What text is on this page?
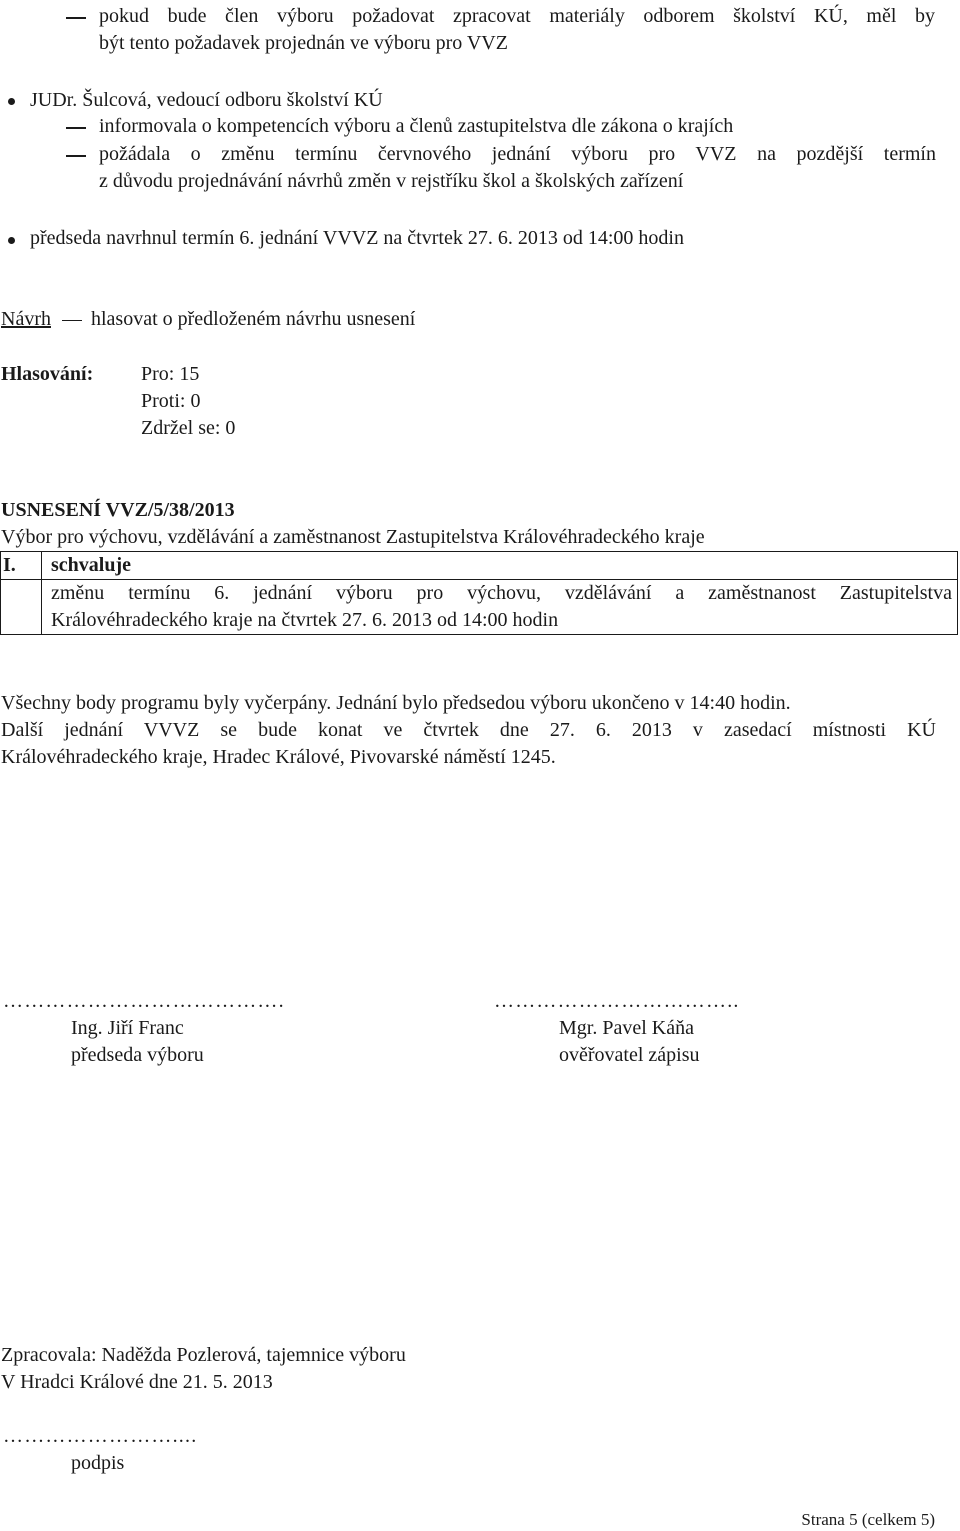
pokud bude člen výboru požadovat zpracovat materiály odborem školství KÚ, měl by
být tento požadavek projednán ve výboru pro VVZ
JUDr. Šulcová, vedoucí odboru školství KÚ
informovala o kompetencích výboru a členů zastupitelstva dle zákona o krajích
požádala o změnu termínu červnového jednání výboru pro VVZ na pozdější termín
z důvodu projednávání návrhů změn v rejstříku škol a školských zařízení
předseda navrhnul termín 6. jednání VVVZ na čtvrtek 27. 6. 2013 od 14:00 hodin
Návrh hlasovat o předloženém návrhu usnesení
Hlasování: Pro: 15
Proti: 0
Zdržel se: 0
USNESENÍ VVZ/5/38/2013
Výbor pro výchovu, vzdělávání a zaměstnanost Zastupitelstva Královéhradeckého kraje
I.	schvaluje

	změnu termínu 6. jednání výboru pro výchovu, vzdělávání a zaměstnanost Zastupitelstva
Královéhradeckého kraje na čtvrtek 27. 6. 2013 od 14:00 hodin
Všechny body programu byly vyčerpány. Jednání bylo předsedou výboru ukončeno v 14:40 hodin.
Další jednání VVVZ se bude konat ve čtvrtek dne 27. 6. 2013 v zasedací místnosti KÚ
Královéhradeckého kraje, Hradec Králové, Pivovarské náměstí 1245.
………………………………….
Ing. Jiří Franc
předseda výboru
……………………………..
Mgr. Pavel Káňa
ověřovatel zápisu
Zpracovala: Naděžda Pozlerová, tajemnice výboru
V Hradci Králové dne 21. 5. 2013
……………………....
podpis
Strana 5 (celkem 5)
